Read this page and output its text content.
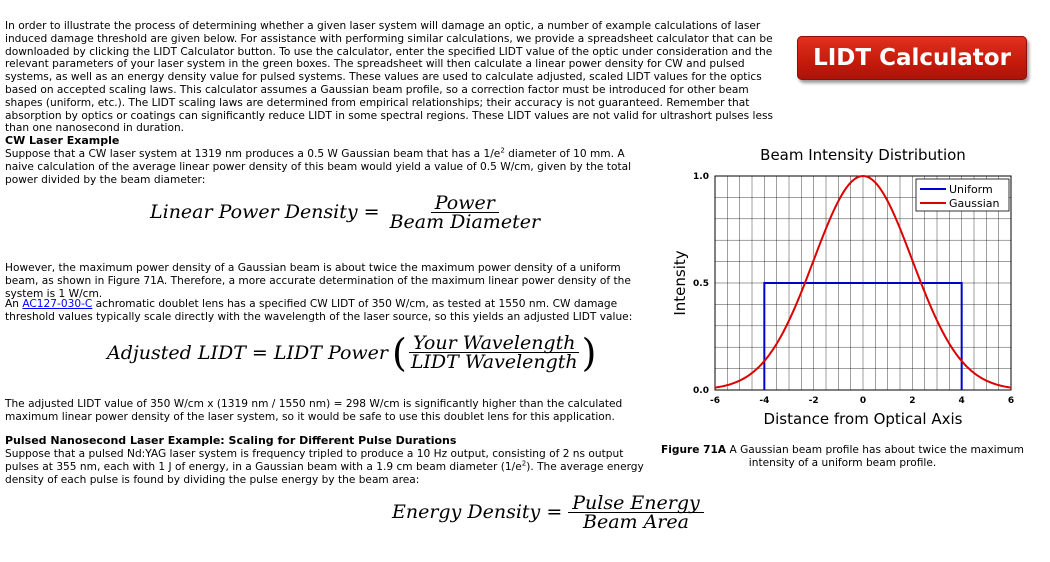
In order to illustrate the process of determining whether a given laser system will damage an optic, a number of example calculations of laser induced damage threshold are given below. For assistance with performing similar calculations, we provide a spreadsheet calculator that can be downloaded by clicking the LIDT Calculator button. To use the calculator, enter the specified LIDT value of the optic under consideration and the relevant parameters of your laser system in the green boxes. The spreadsheet will then calculate a linear power density for CW and pulsed systems, as well as an energy density value for pulsed systems. These values are used to calculate adjusted, scaled LIDT values for the optics based on accepted scaling laws. This calculator assumes a Gaussian beam profile, so a correction factor must be introduced for other beam shapes (uniform, etc.). The LIDT scaling laws are determined from empirical relationships; their accuracy is not guaranteed. Remember that absorption by optics or coatings can significantly reduce LIDT in some spectral regions. These LIDT values are not valid for ultrashort pulses less than one nanosecond in duration.

LIDT Calculator
CW Laser Example

Suppose that a CW laser system at 1319 nm produces a 0.5 W Gaussian beam that has a $1/e^2$ diameter of 10 mm. A naive calculation of the average linear power density of this beam would yield a value of 0.5 W/cm, given by the total power divided by the beam diameter:

Linear Power Density = $\frac{\text{Power}}{\text{Beam Diameter}}$

However, the maximum power density of a Gaussian beam is about twice the maximum power density of a uniform beam, as shown in Figure 71A. Therefore, a more accurate determination of the maximum linear power density of the system is 1 W/cm.

An AC127-030-C achromatic doublet lens has a specified CW LIDT of 350 W/cm, as tested at 1550 nm. CW damage threshold values typically scale directly with the wavelength of the laser source, so this yields an adjusted LIDT value:

Adjusted LIDT = LIDT Power ( $\frac{\text{Your Wavelength}}{\text{LIDT Wavelength}}$ )

The adjusted LIDT value of 350 W/cm x (1319 nm / 1550 nm) = 298 W/cm is significantly higher than the calculated maximum linear power density of the laser system, so it would be safe to use this doublet lens for this application.

Pulsed Nanosecond Laser Example: Scaling for Different Pulse Durations

Suppose that a pulsed Nd:YAG laser system is frequency tripled to produce a 10 Hz output, consisting of 2 ns output pulses at 355 nm, each with 1 J of energy, in a Gaussian beam with a 1.9 cm beam diameter $(1/e^2)$. The average energy density of each pulse is found by dividing the pulse energy by the beam area:

Energy Density = $\frac{\text{Pulse Energy}}{\text{Beam Area}}$
Beam Intensity Distribution
-6	-4	-2	0	2	4	6
0.0
0.5
1.0
Distance from Optical Axis
Intensity
Uniform
Gaussian
Figure 71A A Gaussian beam profile has about twice the maximum intensity of a uniform beam profile.
